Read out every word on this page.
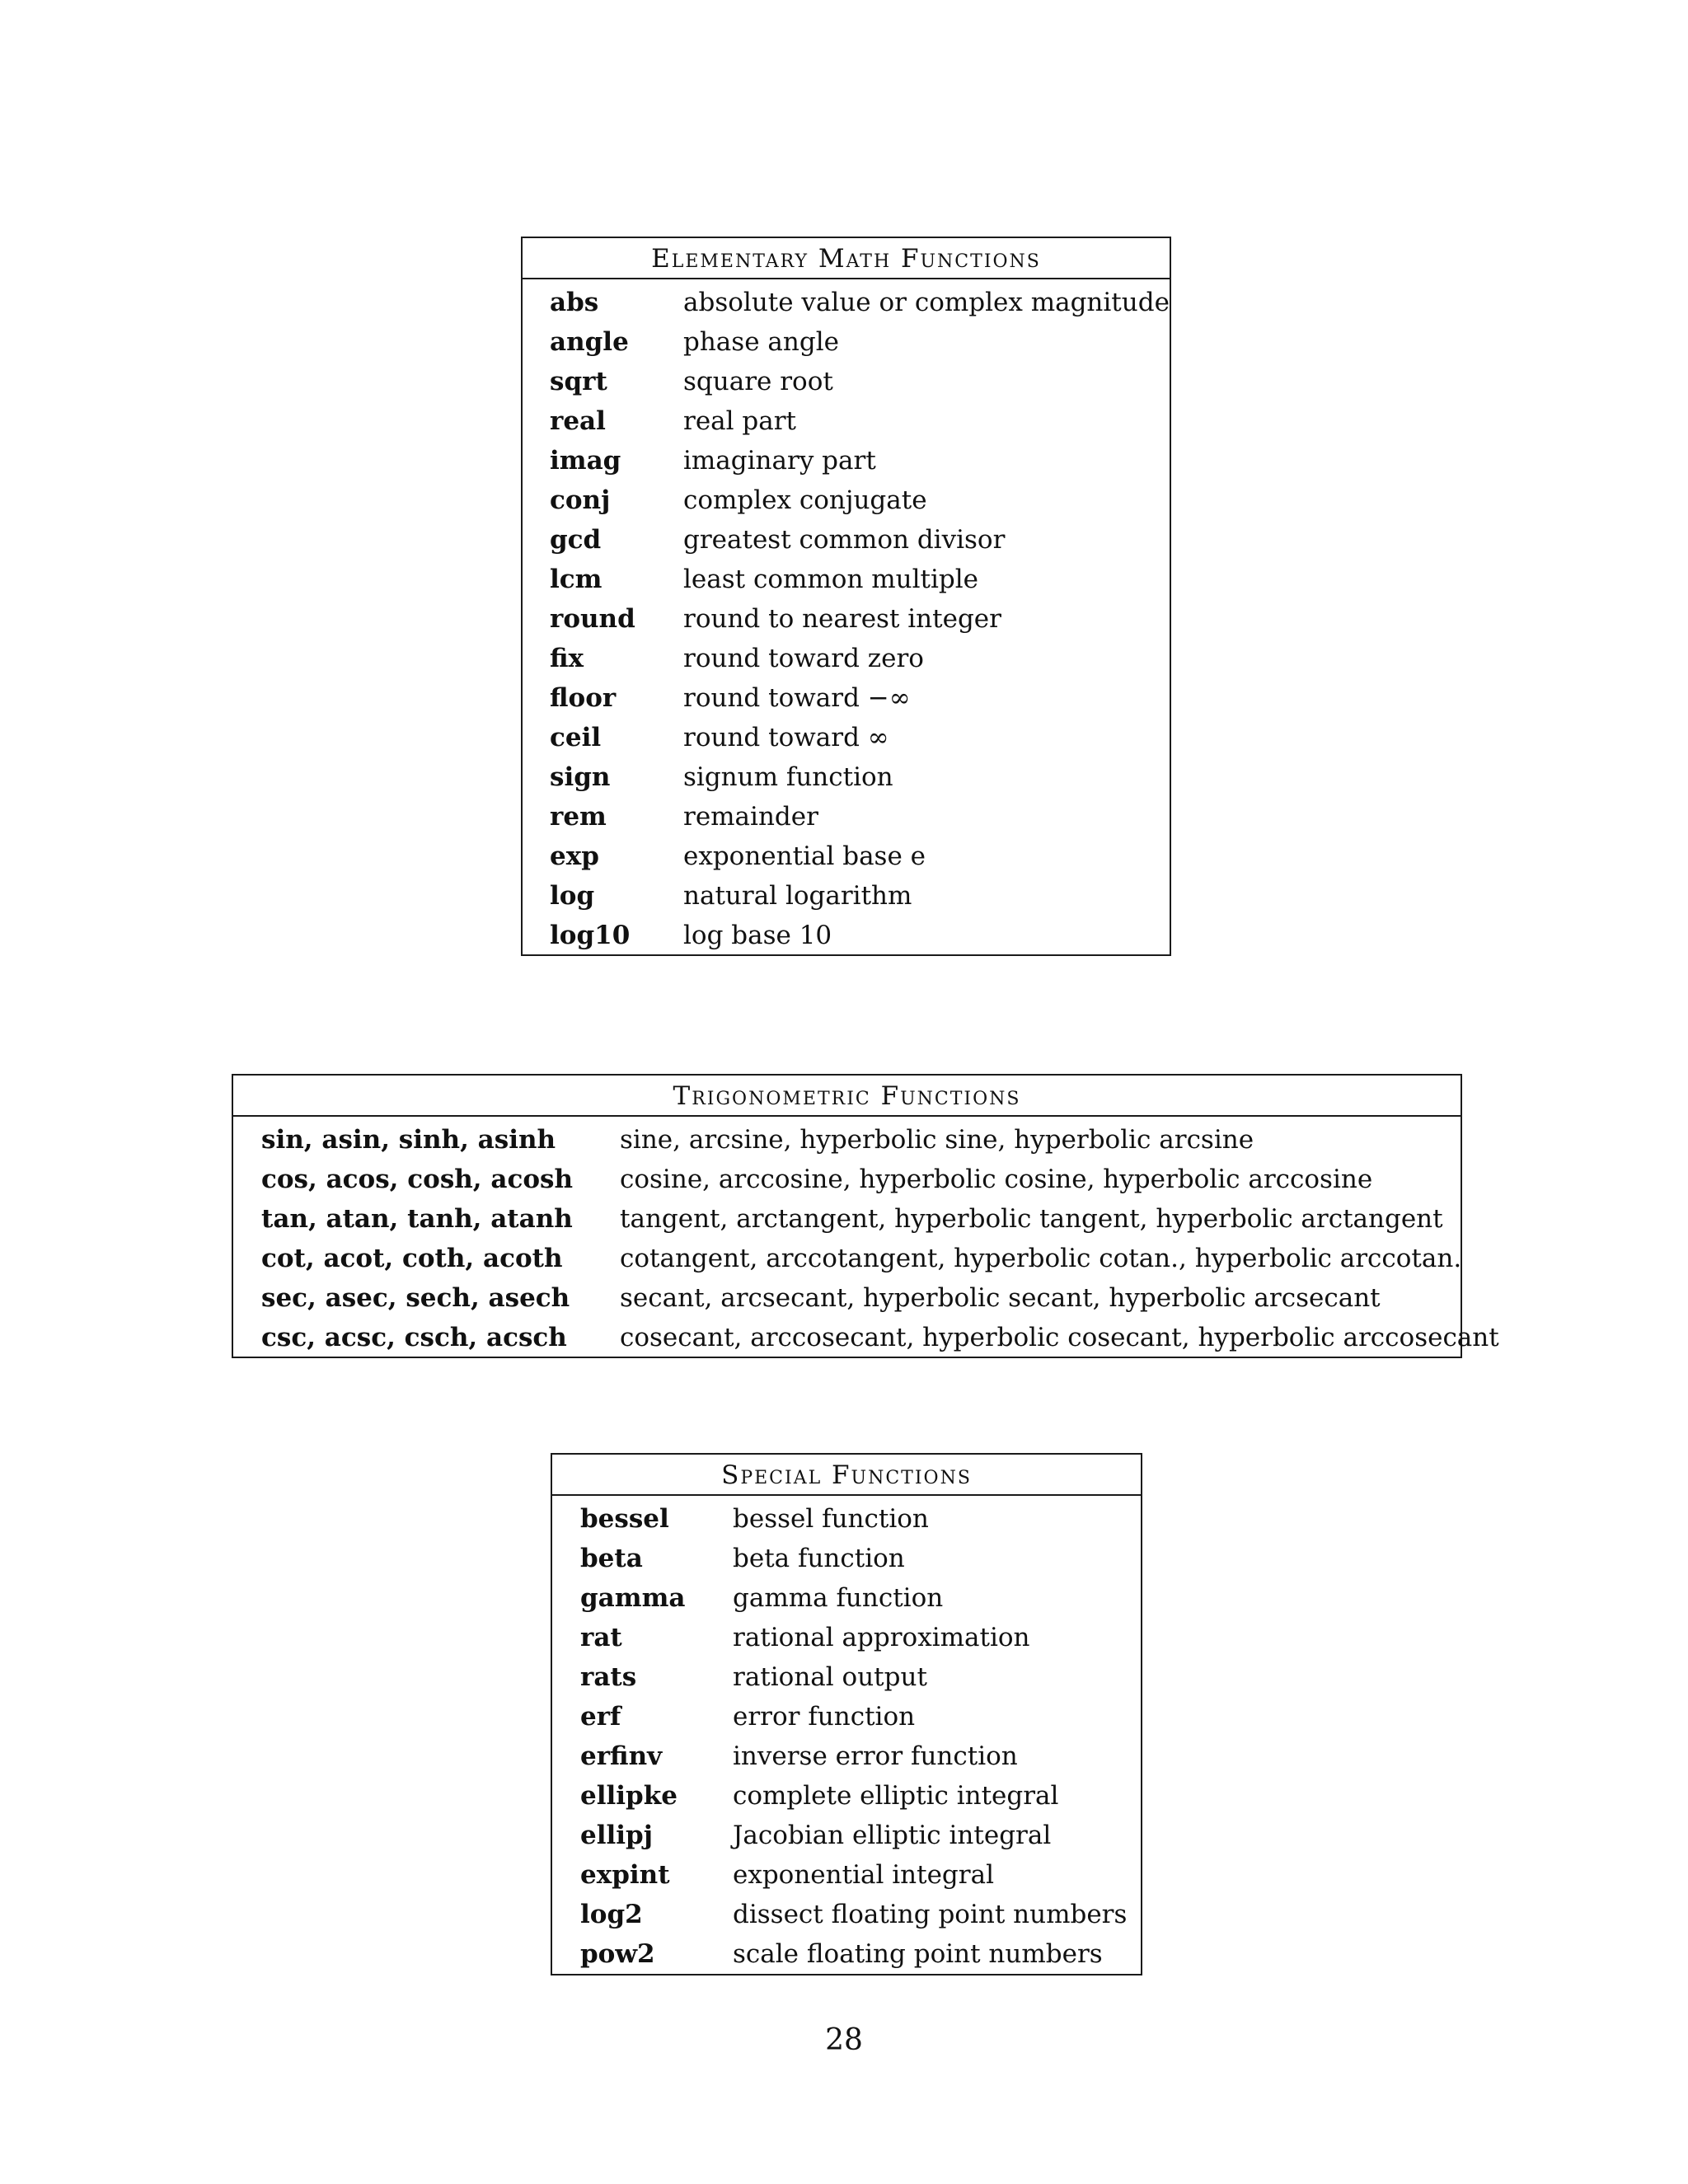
Elementary Math Functions
abs	absolute value or complex magnitude
angle	phase angle
sqrt	square root
real	real part
imag	imaginary part
conj	complex conjugate
gcd	greatest common divisor
lcm	least common multiple
round	round to nearest integer
fix	round toward zero
floor	round toward −∞
ceil	round toward ∞
sign	signum function
rem	remainder
exp	exponential base e
log	natural logarithm
log10	log base 10
Trigonometric Functions
sin, asin, sinh, asinh	sine, arcsine, hyperbolic sine, hyperbolic arcsine
cos, acos, cosh, acosh	cosine, arccosine, hyperbolic cosine, hyperbolic arccosine
tan, atan, tanh, atanh	tangent, arctangent, hyperbolic tangent, hyperbolic arctangent
cot, acot, coth, acoth	cotangent, arccotangent, hyperbolic cotan., hyperbolic arccotan.
sec, asec, sech, asech	secant, arcsecant, hyperbolic secant, hyperbolic arcsecant
csc, acsc, csch, acsch	cosecant, arccosecant, hyperbolic cosecant, hyperbolic arccosecant
Special Functions
bessel	bessel function
beta	beta function
gamma	gamma function
rat	rational approximation
rats	rational output
erf	error function
erfinv	inverse error function
ellipke	complete elliptic integral
ellipj	Jacobian elliptic integral
expint	exponential integral
log2	dissect floating point numbers
pow2	scale floating point numbers
28
